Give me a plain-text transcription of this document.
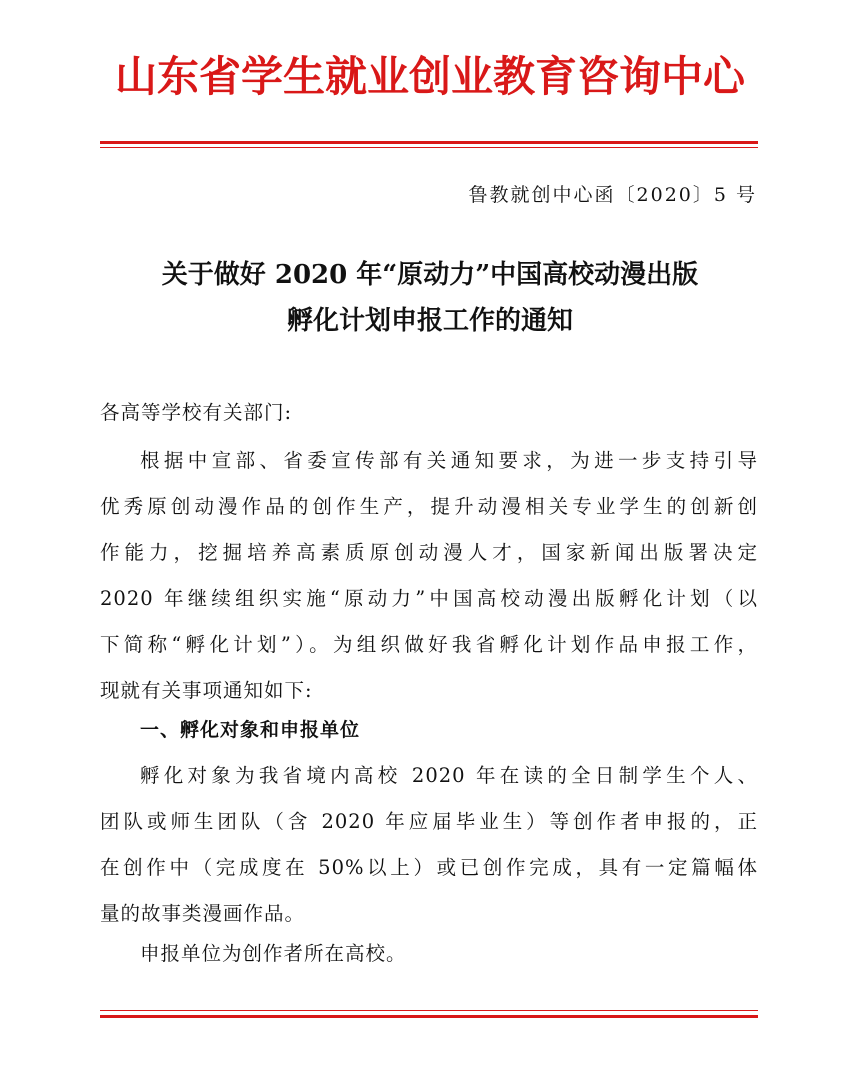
山东省学生就业创业教育咨询中心
鲁教就创中心函〔2020〕5 号
关于做好 2020 年“原动力”中国高校动漫出版
孵化计划申报工作的通知
各高等学校有关部门:
根据中宣部、省委宣传部有关通知要求，为进一步支持引导
优秀原创动漫作品的创作生产，提升动漫相关专业学生的创新创
作能力，挖掘培养高素质原创动漫人才，国家新闻出版署决定
2020 年继续组织实施“原动力”中国高校动漫出版孵化计划（以
下简称“孵化计划”）。为组织做好我省孵化计划作品申报工作，
现就有关事项通知如下:
一、孵化对象和申报单位
孵化对象为我省境内高校 2020 年在读的全日制学生个人、
团队或师生团队（含 2020 年应届毕业生）等创作者申报的，正
在创作中（完成度在 50%以上）或已创作完成，具有一定篇幅体
量的故事类漫画作品。
申报单位为创作者所在高校。
